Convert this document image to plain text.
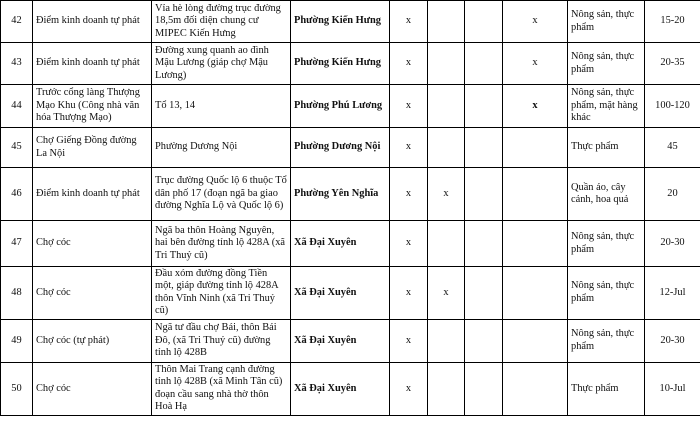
42	Điểm kinh doanh tự phát	Vỉa hè lòng đường trục đường 18,5m đối diện chung cư MIPEC Kiến Hưng	Phường Kiến Hưng	x			x	Nông sản, thực phẩm	15-20
43	Điểm kinh doanh tự phát	Đường xung quanh ao đình Mậu Lương (giáp chợ Mậu Lương)	Phường Kiến Hưng	x			x	Nông sản, thực phẩm	20-35
44	Trước cổng làng Thượng Mạo Khu (Công nhà văn hóa Thượng Mạo)	Tổ 13, 14	Phường Phú Lương	x			x	Nông sản, thực phẩm, mặt hàng khác	100-120
45	Chợ Giếng Đồng đường La Nội	Phường Dương Nội	Phường Dương Nội	x				Thực phẩm	45
46	Điểm kinh doanh tự phát	Trục đường Quốc lộ 6 thuộc Tổ dân phố 17 (đoạn ngã ba giao đường Nghĩa Lộ và Quốc lộ 6)	Phường Yên Nghĩa	x	x			Quần áo, cây cảnh, hoa quả	20
47	Chợ cóc	Ngã ba thôn Hoàng Nguyên, hai bên đường tỉnh lộ 428A (xã Tri Thuỷ cũ)	Xã Đại Xuyên	x				Nông sản, thực phẩm	20-30
48	Chợ cóc	Đầu xóm đường đồng Tiền một, giáp đường tỉnh lộ 428A thôn Vĩnh Ninh (xã Tri Thuỷ cũ)	Xã Đại Xuyên	x	x			Nông sản, thực phẩm	12-Jul
49	Chợ cóc (tự phát)	Ngã tư đầu chợ Bái, thôn Bái Đô, (xã Tri Thuỷ cũ) đường tỉnh lộ 428B	Xã Đại Xuyên	x				Nông sản, thực phẩm	20-30
50	Chợ cóc	Thôn Mai Trang cạnh đường tỉnh lộ 428B (xã Minh Tân cũ) đoạn cầu sang nhà thờ thôn Hoà Hạ	Xã Đại Xuyên	x				Thực phẩm	10-Jul
